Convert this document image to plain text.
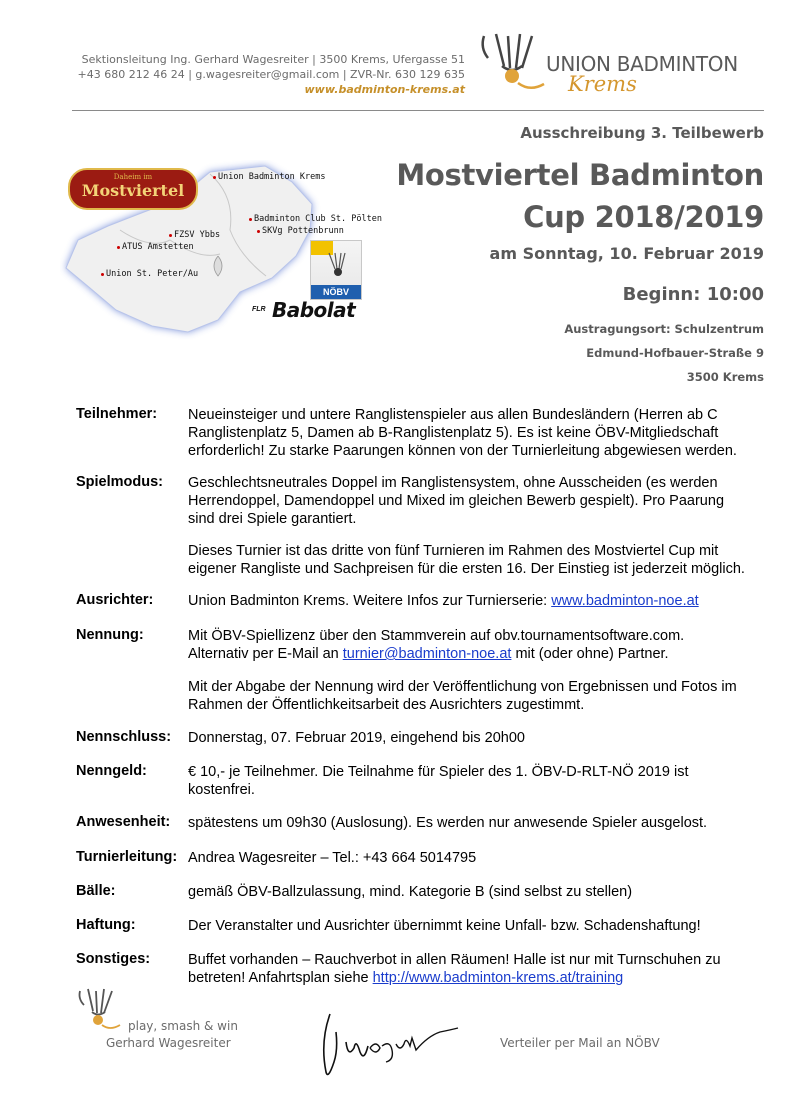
Sektionsleitung Ing. Gerhard Wagesreiter | 3500 Krems, Ufergasse 51
+43 680 212 46 24 | g.wagesreiter@gmail.com | ZVR-Nr. 630 129 635
www.badminton-krems.at
UNION BADMINTON
Krems
Ausschreibung 3. Teilbewerb
Mostviertel Badminton
Cup 2018/2019
am Sonntag, 10. Februar 2019
Beginn: 10:00
Austragungsort: Schulzentrum
Edmund-Hofbauer-Straße 9
3500 Krems
Daheim im
Mostviertel
Union Badminton Krems
Badminton Club St. Pölten
SKVg Pottenbrunn
FZSV Ybbs
ATUS Amstetten
Union St. Peter/Au
NÖBV
FLR Babolat
Teilnehmer: Neueinsteiger und untere Ranglistenspieler aus allen Bundesländern (Herren ab C
Ranglistenplatz 5, Damen ab B-Ranglistenplatz 5). Es ist keine ÖBV-Mitgliedschaft
erforderlich! Zu starke Paarungen können von der Turnierleitung abgewiesen werden.
Spielmodus: Geschlechtsneutrales Doppel im Ranglistensystem, ohne Ausscheiden (es werden
Herrendoppel, Damendoppel und Mixed im gleichen Bewerb gespielt). Pro Paarung
sind drei Spiele garantiert.
Dieses Turnier ist das dritte von fünf Turnieren im Rahmen des Mostviertel Cup mit
eigener Rangliste und Sachpreisen für die ersten 16. Der Einstieg ist jederzeit möglich.
Ausrichter: Union Badminton Krems. Weitere Infos zur Turnierserie: www.badminton-noe.at
Nennung:	Mit ÖBV-Spiellizenz über den Stammverein auf obv.tournamentsoftware.com.
Alternativ per E-Mail an turnier@badminton-noe.at mit (oder ohne) Partner.
Mit der Abgabe der Nennung wird der Veröffentlichung von Ergebnissen und Fotos im
Rahmen der Öffentlichkeitsarbeit des Ausrichters zugestimmt.
Nennschluss: Donnerstag, 07. Februar 2019, eingehend bis 20h00
Nenngeld:	€ 10,- je Teilnehmer. Die Teilnahme für Spieler des 1. ÖBV-D-RLT-NÖ 2019 ist
kostenfrei.
Anwesenheit: spätestens um 09h30 (Auslosung). Es werden nur anwesende Spieler ausgelost.
Turnierleitung: Andrea Wagesreiter – Tel.: +43 664 5014795
Bälle:	gemäß ÖBV-Ballzulassung, mind. Kategorie B (sind selbst zu stellen)
Haftung:	Der Veranstalter und Ausrichter übernimmt keine Unfall- bzw. Schadenshaftung!
Sonstiges:	Buffet vorhanden – Rauchverbot in allen Räumen! Halle ist nur mit Turnschuhen zu
betreten! Anfahrtsplan siehe http://www.badminton-krems.at/training
play, smash & win
Gerhard Wagesreiter	Verteiler per Mail an NÖBV
